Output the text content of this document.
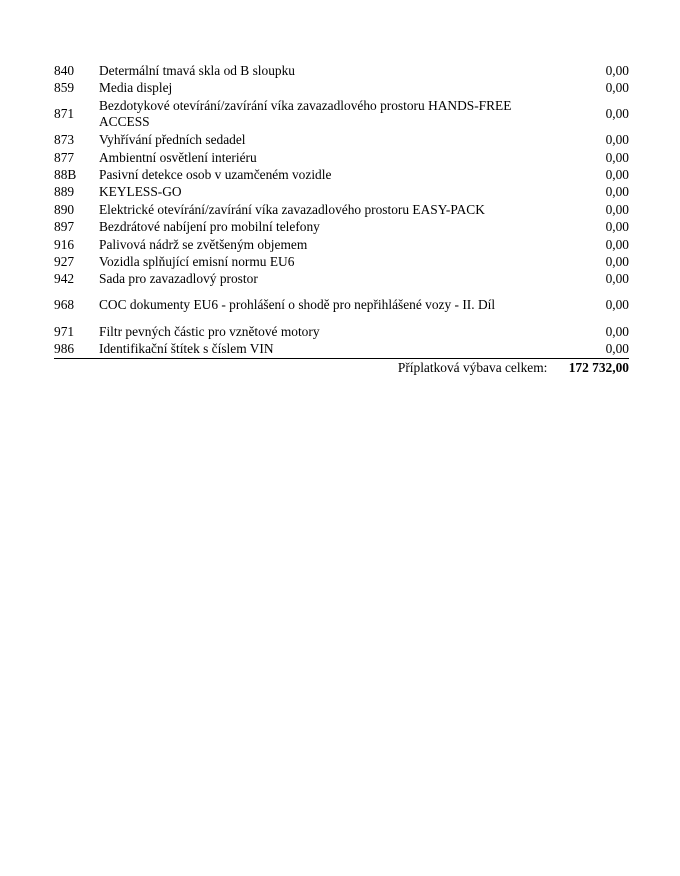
840	Determální tmavá skla od B sloupku	0,00
859	Media displej	0,00
871	Bezdotykové otevírání/zavírání víka zavazadlového prostoru HANDS-FREE ACCESS	0,00
873	Vyhřívání předních sedadel	0,00
877	Ambientní osvětlení interiéru	0,00
88B	Pasivní detekce osob v uzamčeném vozidle	0,00
889	KEYLESS-GO	0,00
890	Elektrické otevírání/zavírání víka zavazadlového prostoru EASY-PACK	0,00
897	Bezdrátové nabíjení pro mobilní telefony	0,00
916	Palivová nádrž se zvětšeným objemem	0,00
927	Vozidla splňující emisní normu EU6	0,00
942	Sada pro zavazadlový prostor	0,00
968	COC dokumenty EU6 - prohlášení o shodě pro nepřihlášené vozy - II. Díl	0,00
971	Filtr pevných částic pro vznětové motory	0,00
986	Identifikační štítek s číslem VIN	0,00
Příplatková výbava celkem: 172 732,00
